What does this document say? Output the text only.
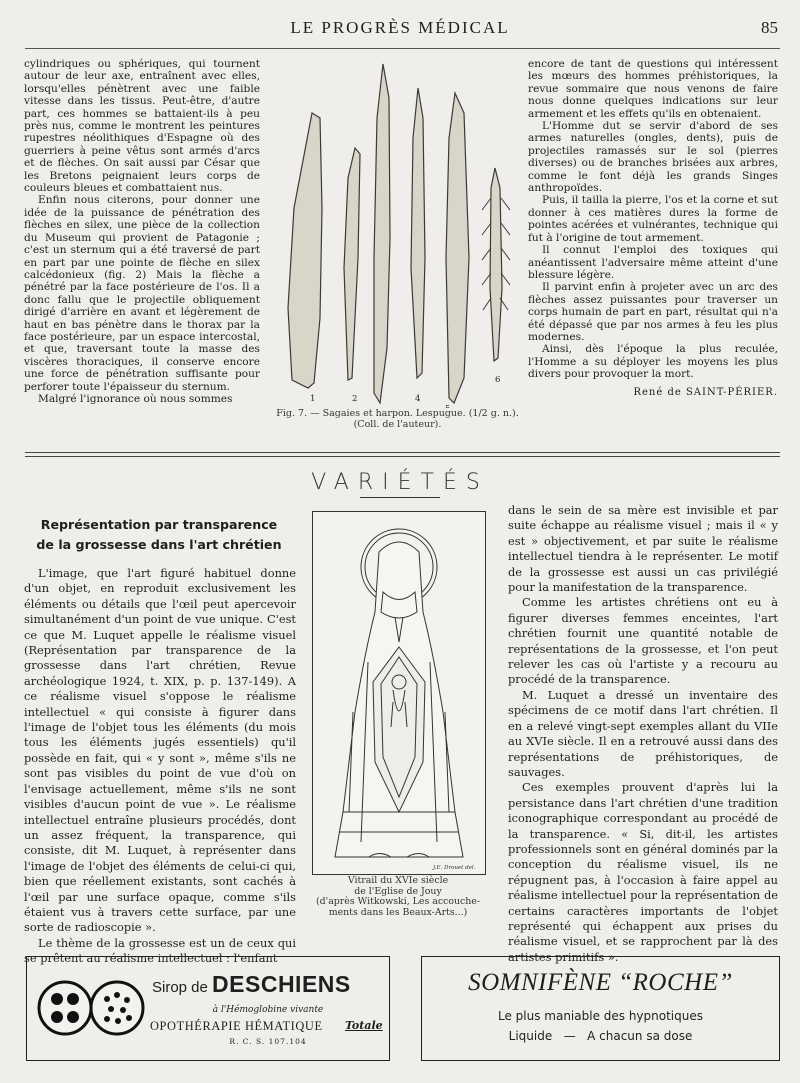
LE PROGRÈS MÉDICAL	85

cylindriques ou sphériques, qui tournent autour de leur axe, entraînent avec elles, lorsqu'elles pénètrent avec une faible vitesse dans les tissus. Peut-être, d'autre part, ces hommes se battaient-ils à peu près nus, comme le montrent les peintures rupestres néolithiques d'Espagne où des guerriers à peine vêtus sont armés d'arcs et de flèches. On sait aussi par César que les Bretons peignaient leurs corps de couleurs bleues et combattaient nus.

Enfin nous citerons, pour donner une idée de la puissance de pénétration des flèches en silex, une pièce de la collection du Museum qui provient de Patagonie ; c'est un sternum qui a été traversé de part en part par une pointe de flèche en silex calcédonieux (fig. 2) Mais la flèche a pénétré par la face postérieure de l'os. Il a donc fallu que le projectile obliquement dirigé d'arrière en avant et légèrement de haut en bas pénètre dans le thorax par la face postérieure, par un espace intercostal, et que, traversant toute la masse des viscères thoraciques, il conserve encore une force de pénétration suffisante pour perforer toute l'épaisseur du sternum.

Malgré l'ignorance où nous sommes	1	2	4
6
Fig. 7. — Sagaies et harpon. Lespugue. (1/2 g. n.).
(Coll. de l'auteur).

encore de tant de questions qui intéressent les mœurs des hommes préhistoriques, la revue sommaire que nous venons de faire nous donne quelques indications sur leur armement et les effets qu'ils en obtenaient.

L'Homme dut se servir d'abord de ses armes naturelles (ongles, dents), puis de projectiles ramassés sur le sol (pierres diverses) ou de branches brisées aux arbres, comme le font déjà les grands Singes anthropoïdes.

Puis, il tailla la pierre, l'os et la corne et sut donner à ces matières dures la forme de pointes acérées et vulnérantes, technique qui fut à l'origine de tout armement.

Il connut l'emploi des toxiques qui anéantissent l'adversaire même atteint d'une blessure légère.

Il parvint enfin à projeter avec un arc des flèches assez puissantes pour traverser un corps humain de part en part, résultat qui n'a été dépassé que par nos armes à feu les plus modernes.

Ainsi, dès l'époque la plus reculée, l'Homme a su déployer les moyens les plus divers pour provoquer la mort.

René de SAINT-PÉRIER.
VARIÉTÉS
Représentation par transparence
de la grossesse dans l'art chrétien

L'image, que l'art figuré habituel donne d'un objet, en reproduit exclusivement les éléments ou détails que l'œil peut apercevoir simultanément d'un point de vue unique. C'est ce que M. Luquet appelle le réalisme visuel (Représentation par transparence de la grossesse dans l'art chrétien, Revue archéologique 1924, t. XIX, p. p. 137-149). A ce réalisme visuel s'oppose le réalisme intellectuel « qui consiste à figurer dans l'image de l'objet tous les éléments (du mois tous les éléments jugés essentiels) qu'il possède en fait, qui « y sont », même s'ils ne sont pas visibles du point de vue d'où on l'envisage actuellement, même s'ils ne sont visibles d'aucun point de vue ». Le réalisme intellectuel entraîne plusieurs procédés, dont un assez fréquent, la transparence, qui consiste, dit M. Luquet, à représenter dans l'image de l'objet des éléments de celui-ci qui, bien que réellement existants, sont cachés à l'œil par une surface opaque, comme s'ils étaient vus à travers cette surface, par une sorte de radioscopie ».

Le thème de la grossesse est un de ceux qui se prêtent au réalisme intellectuel : l'enfant

J.E. Drouet del.
Vitrail du XVIe siècle
de l'Eglise de Jouy
(d'après Witkowski, Les accouche-
ments dans les Beaux-Arts...)

dans le sein de sa mère est invisible et par suite échappe au réalisme visuel ; mais il « y est » objectivement, et par suite le réalisme intellectuel tiendra à le représenter. Le motif de la grossesse est aussi un cas privilégié pour la manifestation de la transparence.

Comme les artistes chrétiens ont eu à figurer diverses femmes enceintes, l'art chrétien fournit une quantité notable de représentations de la grossesse, et l'on peut relever les cas où l'artiste y a recouru au procédé de la transparence.

M. Luquet a dressé un inventaire des spécimens de ce motif dans l'art chrétien. Il en a relevé vingt-sept exemples allant du VIIe au XVIe siècle. Il en a retrouvé aussi dans des représentations de préhistoriques, de sauvages.

Ces exemples prouvent d'après lui la persistance dans l'art chrétien d'une tradition iconographique correspondant au procédé de la transparence. « Si, dit-il, les artistes professionnels sont en général dominés par la conception du réalisme visuel, ils ne répugnent pas, à l'occasion à faire appel au réalisme intellectuel pour la représentation de certains caractères importants de l'objet représenté qui échappent aux prises du réalisme visuel, et se rapprochent par là des artistes primitifs ».

Sirop de DESCHIENS
à l'Hémoglobine vivante
OPOTHÉRAPIE HÉMATIQUE Totale
R. C. S. 107.104
SOMNIFÈNE “ROCHE”
Le plus maniable des hypnotiques
Liquide — A chacun sa dose
